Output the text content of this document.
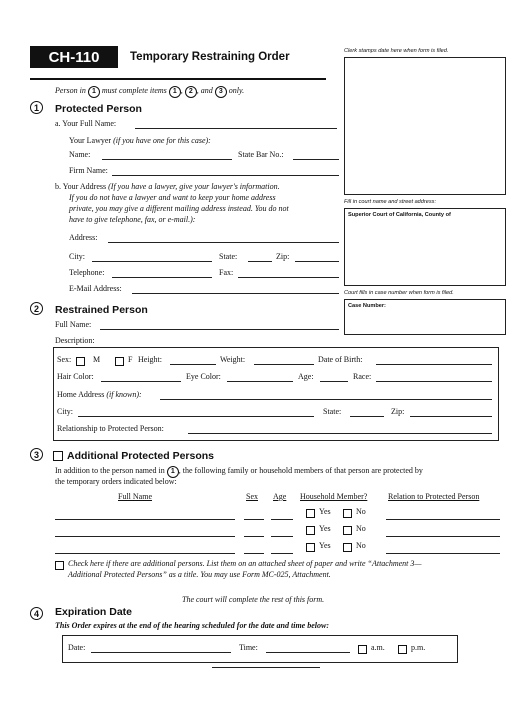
CH-110	Temporary Restraining Order	Clerk stamps date here when form is filed.
Fill in court name and street address:
Superior Court of California, County of
Court fills in case number when form is filed.
Case Number:
Person in 1 must complete items 1 , 2 , and 3 only.
1	Protected Person
a. Your Full Name:
Your Lawyer (if you have one for this case):
Name:	State Bar No.:
Firm Name:
b. Your Address (If you have a lawyer, give your lawyer's information.
If you do not have a lawyer and want to keep your home address
private, you may give a different mailing address instead. You do not
have to give telephone, fax, or e-mail.):
Address:
City:	State:	Zip:
Telephone:	Fax:
E-Mail Address:
2	Restrained Person
Full Name:
Description:
Sex:	M	F Height:	Weight:	Date of Birth:
Hair Color:	Eye Color:	Age:	Race:
Home Address (if known):
City:	State:	Zip:
Relationship to Protected Person:
3	Additional Protected Persons
In addition to the person named in 1 , the following family or household members of that person are protected by
the temporary orders indicated below:
Full Name	Sex Age Household Member?	Relation to Protected Person
Yes	No
Yes	No
Yes	No
Check here if there are additional persons. List them on an attached sheet of paper and write “Attachment 3—
Additional Protected Persons” as a title. You may use Form MC-025, Attachment.
The court will complete the rest of this form.
4	Expiration Date
This Order expires at the end of the hearing scheduled for the date and time below:
Date:	Time:	a.m.	p.m.
